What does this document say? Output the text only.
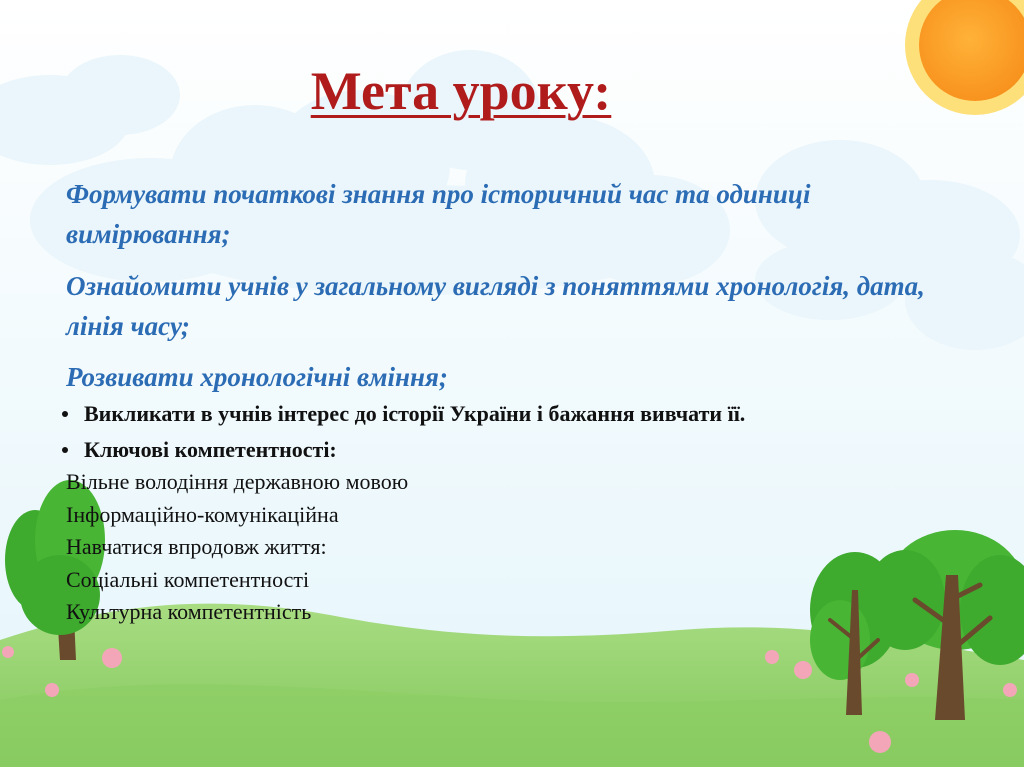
Мета уроку:

Формувати початкові знання про історичний час та одиниці вимірювання;

Ознайомити учнів у загальному вигляді з поняттями хронологія, дата, лінія часу;

Розвивати хронологічні вміння;

Викликати в учнів інтерес до історії України і бажання вивчати її.

Ключові компетентності:

Вільне володіння державною мовою
Інформаційно-комунікаційна
Навчатися впродовж життя:
Соціальні компетентності
Культурна компетентність
